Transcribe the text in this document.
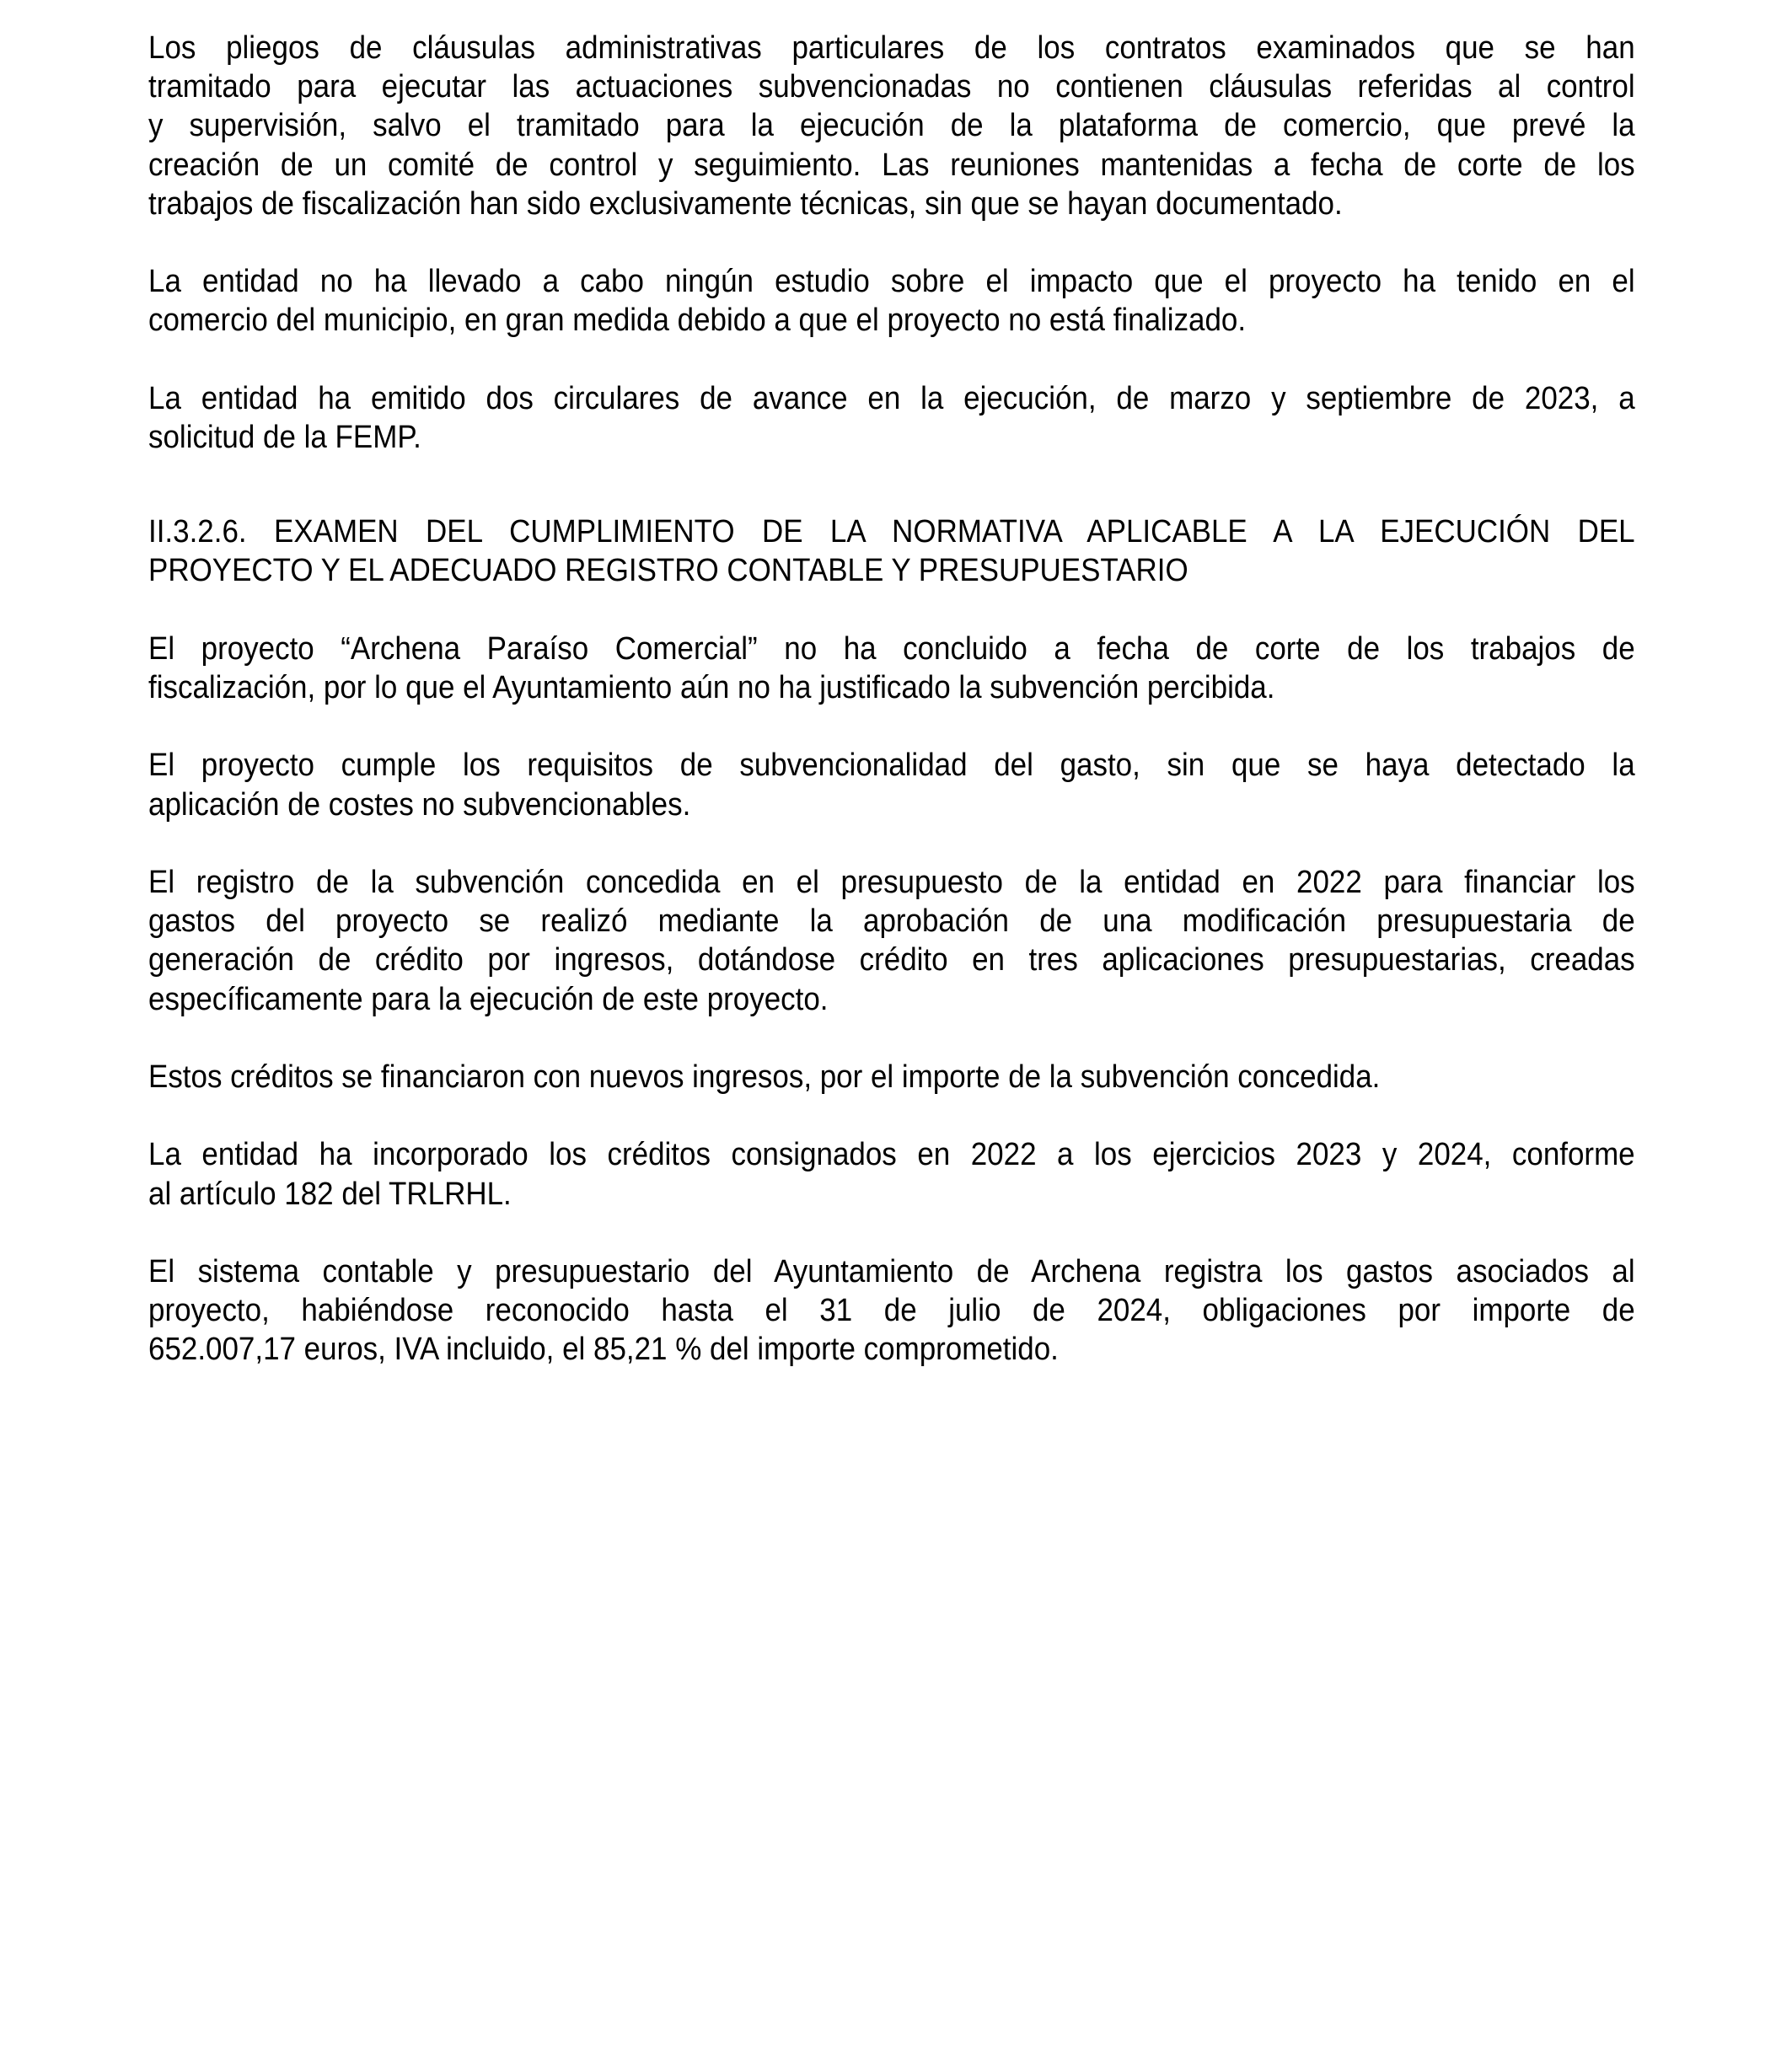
Los pliegos de cláusulas administrativas particulares de los contratos examinados que se han
tramitado para ejecutar las actuaciones subvencionadas no contienen cláusulas referidas al control
y supervisión, salvo el tramitado para la ejecución de la plataforma de comercio, que prevé la
creación de un comité de control y seguimiento. Las reuniones mantenidas a fecha de corte de los
trabajos de fiscalización han sido exclusivamente técnicas, sin que se hayan documentado.

La entidad no ha llevado a cabo ningún estudio sobre el impacto que el proyecto ha tenido en el
comercio del municipio, en gran medida debido a que el proyecto no está finalizado.

La entidad ha emitido dos circulares de avance en la ejecución, de marzo y septiembre de 2023, a
solicitud de la FEMP.

II.3.2.6. EXAMEN DEL CUMPLIMIENTO DE LA NORMATIVA APLICABLE A LA EJECUCIÓN DEL
PROYECTO Y EL ADECUADO REGISTRO CONTABLE Y PRESUPUESTARIO

El proyecto “Archena Paraíso Comercial” no ha concluido a fecha de corte de los trabajos de
fiscalización, por lo que el Ayuntamiento aún no ha justificado la subvención percibida.

El proyecto cumple los requisitos de subvencionalidad del gasto, sin que se haya detectado la
aplicación de costes no subvencionables.

El registro de la subvención concedida en el presupuesto de la entidad en 2022 para financiar los
gastos del proyecto se realizó mediante la aprobación de una modificación presupuestaria de
generación de crédito por ingresos, dotándose crédito en tres aplicaciones presupuestarias, creadas
específicamente para la ejecución de este proyecto.

Estos créditos se financiaron con nuevos ingresos, por el importe de la subvención concedida.

La entidad ha incorporado los créditos consignados en 2022 a los ejercicios 2023 y 2024, conforme
al artículo 182 del TRLRHL.

El sistema contable y presupuestario del Ayuntamiento de Archena registra los gastos asociados al
proyecto, habiéndose reconocido hasta el 31 de julio de 2024, obligaciones por importe de
652.007,17 euros, IVA incluido, el 85,21 % del importe comprometido.
